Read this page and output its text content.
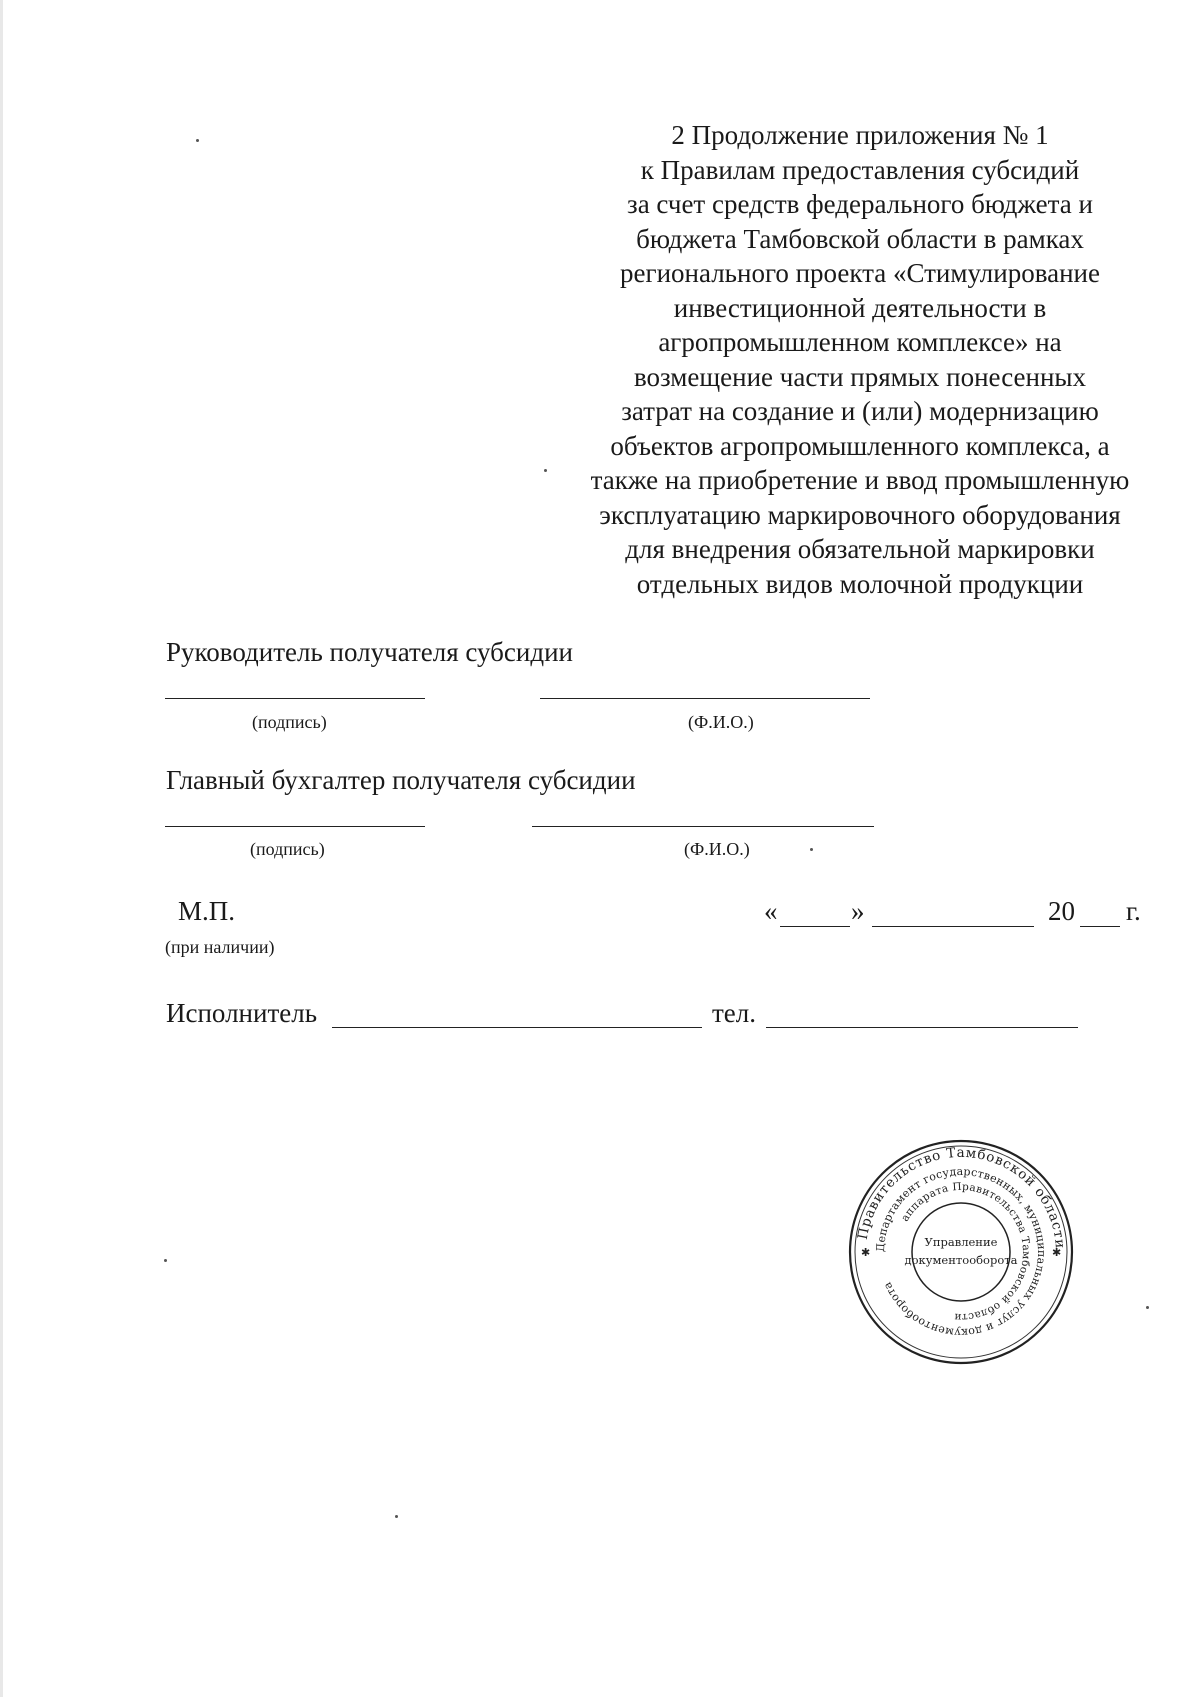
2 Продолжение приложения № 1
к Правилам предоставления субсидий
за счет средств федерального бюджета и
бюджета Тамбовской области в рамках
регионального проекта «Стимулирование
инвестиционной деятельности в
агропромышленном комплексе» на
возмещение части прямых понесенных
затрат на создание и (или) модернизацию
объектов агропромышленного комплекса, а
также на приобретение и ввод промышленную
эксплуатацию маркировочного оборудования
для внедрения обязательной маркировки
отдельных видов молочной продукции
Руководитель получателя субсидии
(подпись)	(Ф.И.О.)
Главный бухгалтер получателя субсидии
(подпись)	(Ф.И.О.)
М.П.
(при наличии)
«	»	20 г.
Исполнитель	тел.
Правительство Тамбовской области
Департамент государственных, муниципальных услуг и документооборота
аппарата Правительства Тамбовской области
Управление
документооборота
✱	✱
